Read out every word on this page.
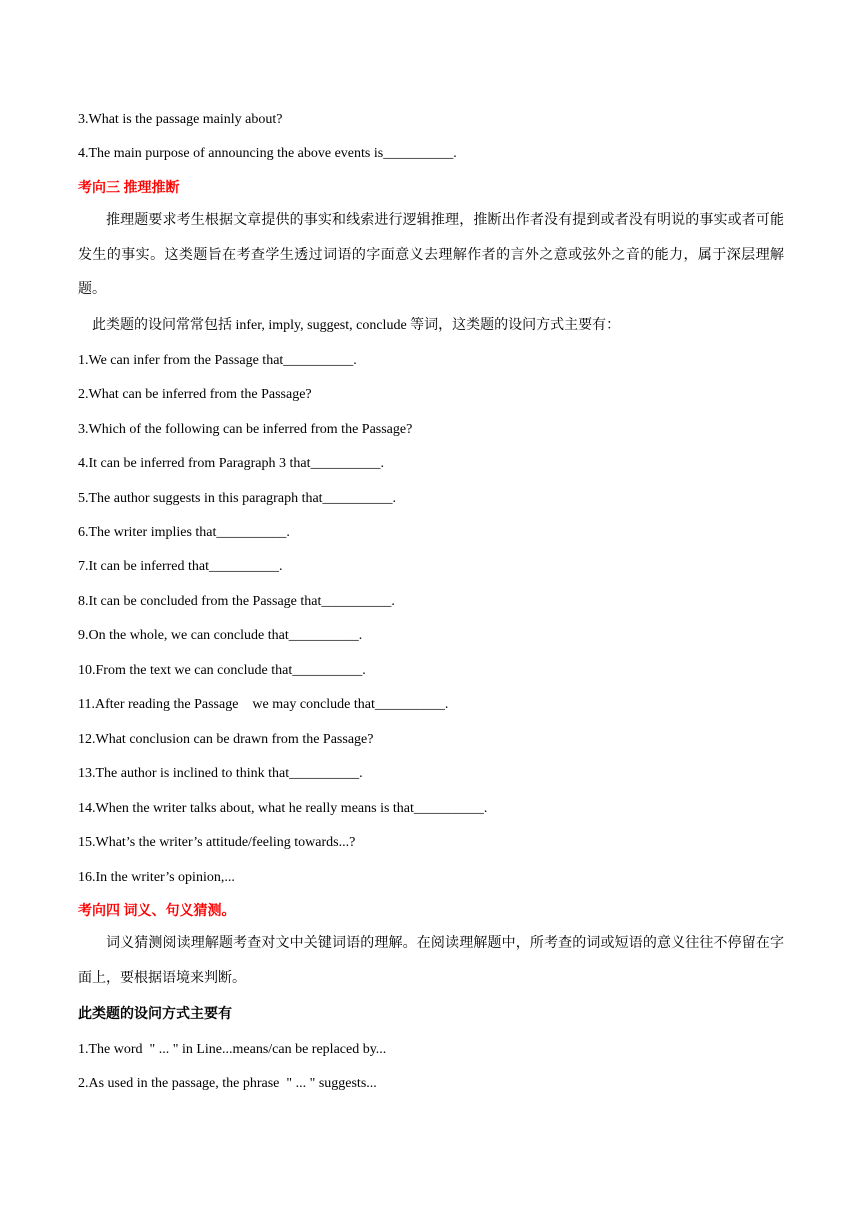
3.What is the passage mainly about?
4.The main purpose of announcing the above events is__________.
考向三 推理推断
推理题要求考生根据文章提供的事实和线索进行逻辑推理，推断出作者没有提到或者没有明说的事实或者可能发生的事实。这类题旨在考查学生透过词语的字面意义去理解作者的言外之意或弦外之音的能力，属于深层理解题。
此类题的设问常常包括 infer, imply, suggest, conclude 等词，这类题的设问方式主要有：
1.We can infer from the Passage that__________.
2.What can be inferred from the Passage?
3.Which of the following can be inferred from the Passage?
4.It can be inferred from Paragraph 3 that__________.
5.The author suggests in this paragraph that__________.
6.The writer implies that__________.
7.It can be inferred that__________.
8.It can be concluded from the Passage that__________.
9.On the whole, we can conclude that__________.
10.From the text we can conclude that__________.
11.After reading the Passage    we may conclude that__________.
12.What conclusion can be drawn from the Passage?
13.The author is inclined to think that__________.
14.When the writer talks about, what he really means is that__________.
15.What’s the writer’s attitude/feeling towards...?
16.In the writer’s opinion,...
考向四 词义、句义猜测。
词义猜测阅读理解题考查对文中关键词语的理解。在阅读理解题中，所考查的词或短语的意义往往不停留在字面上，要根据语境来判断。
此类题的设问方式主要有
1.The word  " ... " in Line...means/can be replaced by...
2.As used in the passage, the phrase  " ... " suggests...
